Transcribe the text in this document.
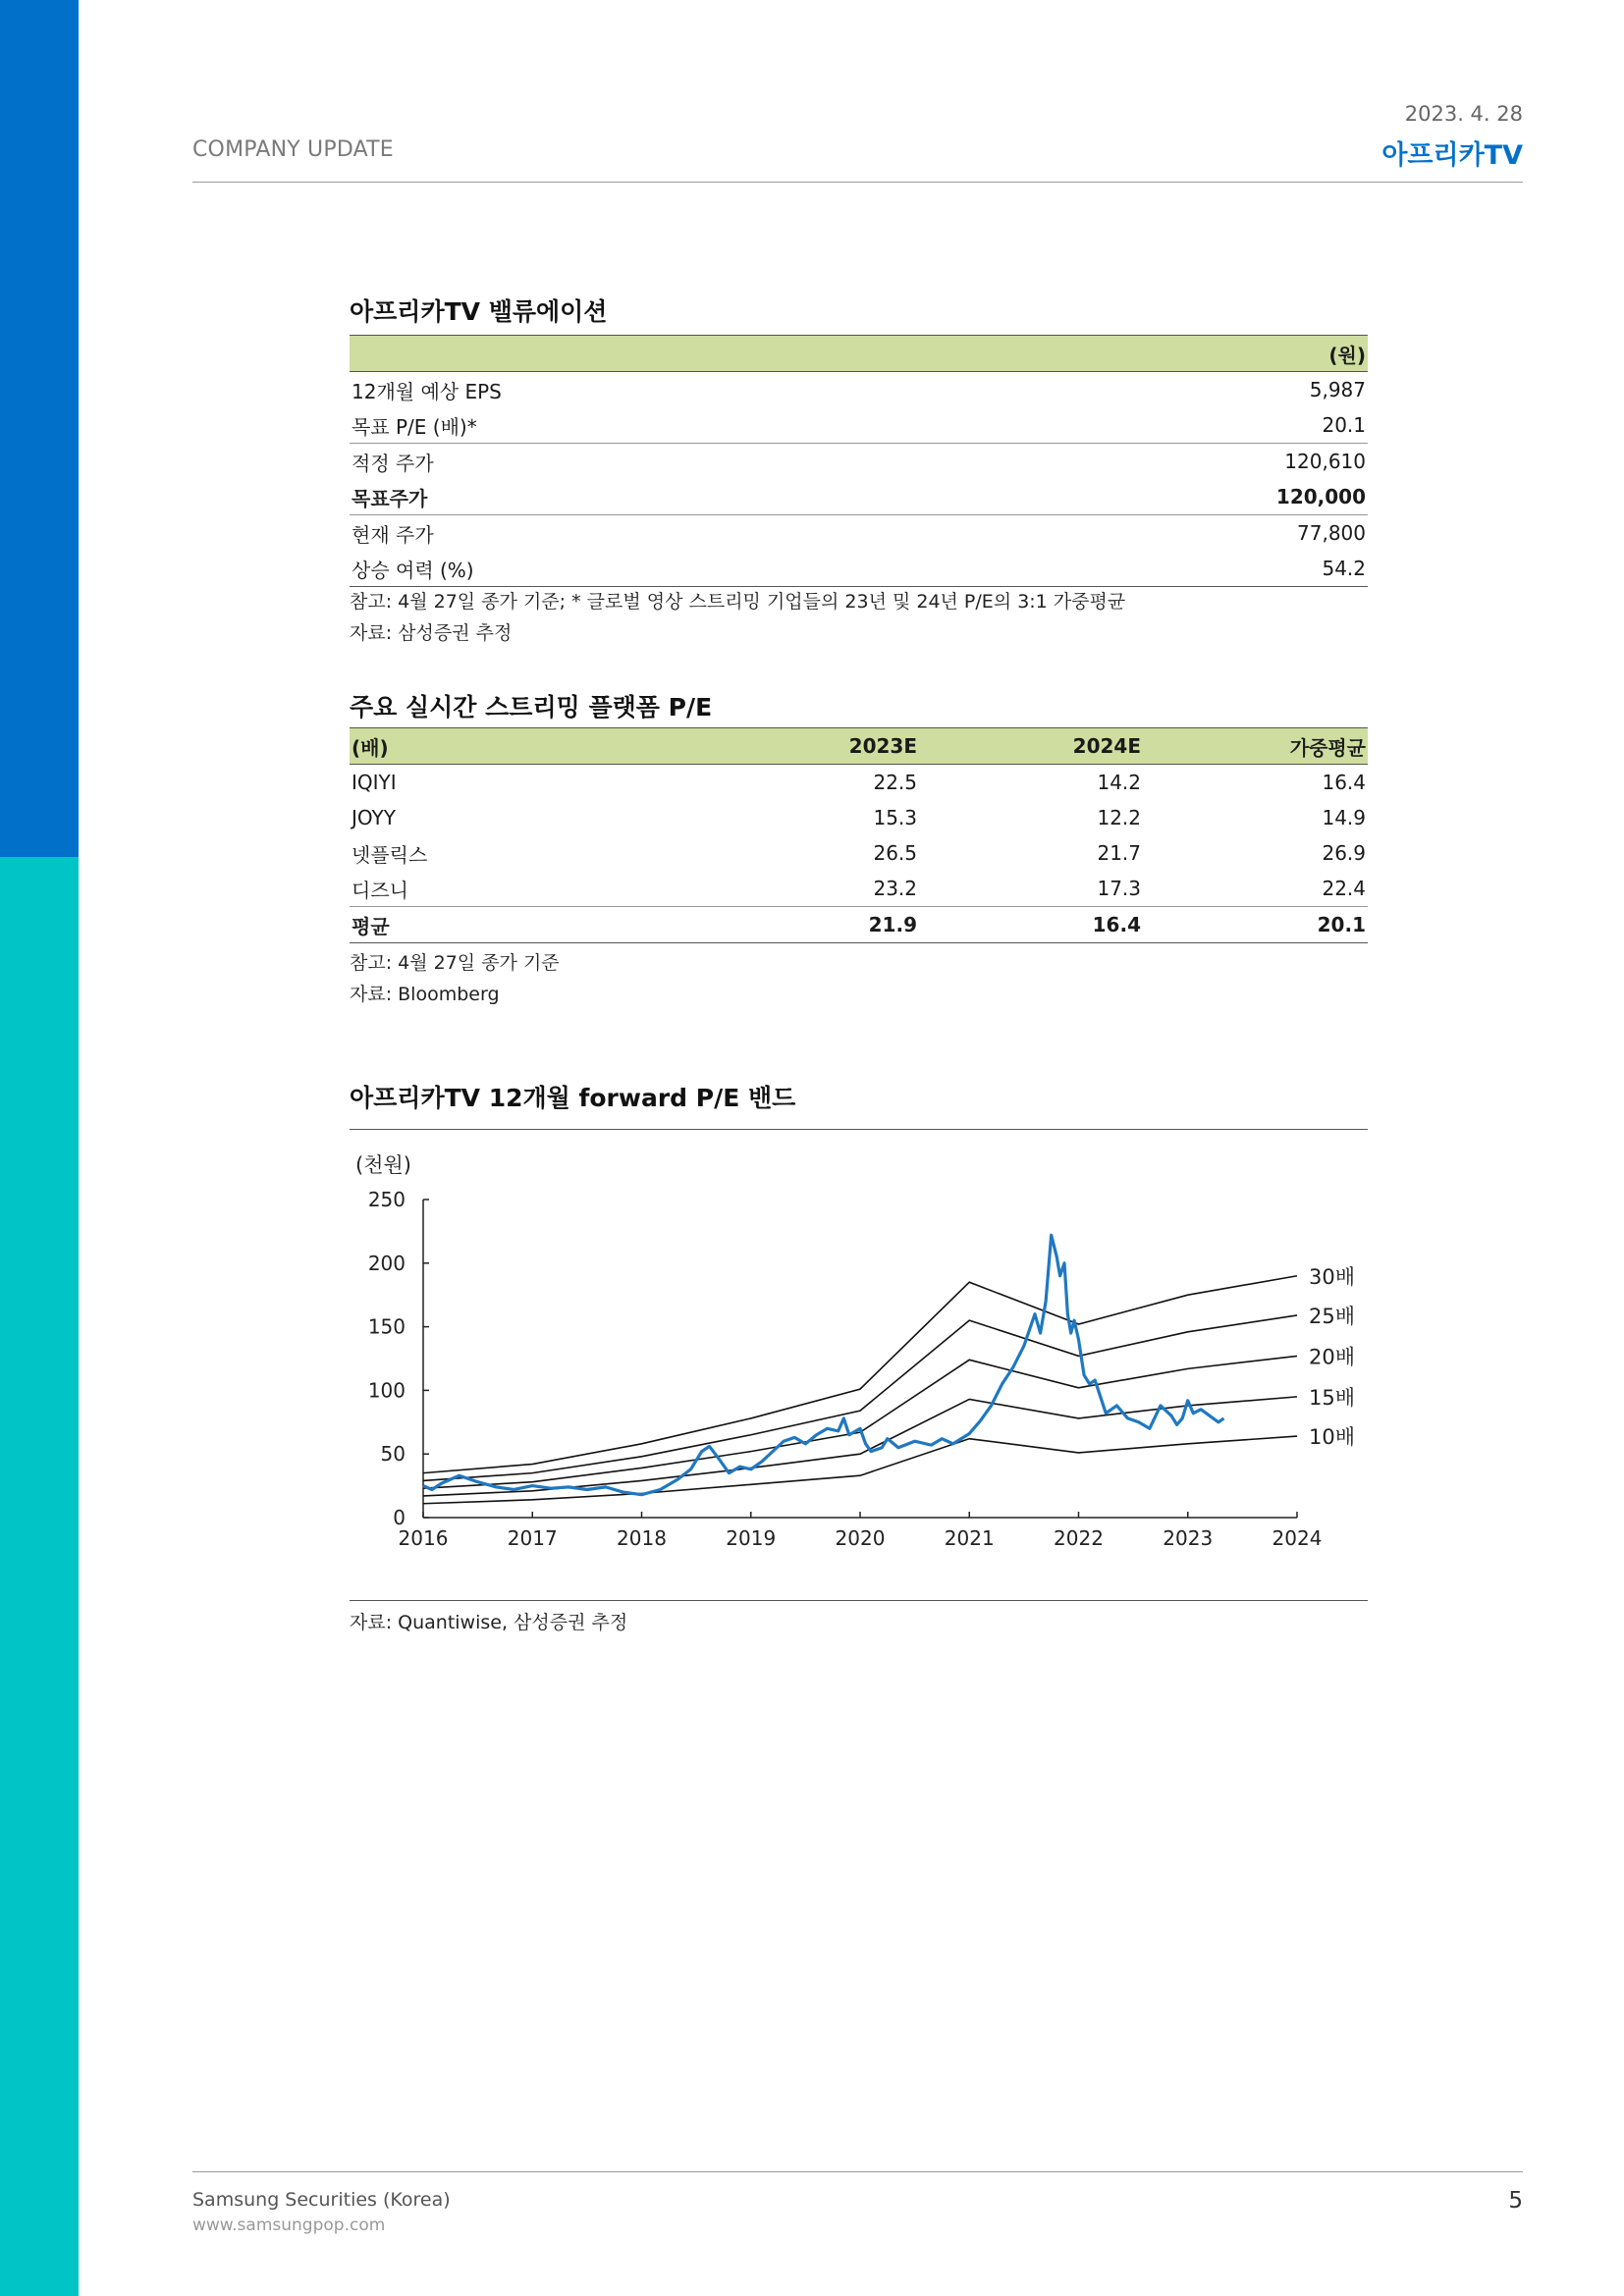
COMPANY UPDATE
2023. 4. 28
아프리카TV
아프리카TV 밸류에이션
	(원)
12개월 예상 EPS	5,987
목표 P/E (배)*	20.1
적정 주가	120,610
목표주가	120,000
현재 주가	77,800
상승 여력 (%)	54.2
참고: 4월 27일 종가 기준; * 글로벌 영상 스트리밍 기업들의 23년 및 24년 P/E의 3:1 가중평균
자료: 삼성증권 추정
주요 실시간 스트리밍 플랫폼 P/E
(배)	2023E	2024E	가중평균
IQIYI	22.5	14.2	16.4
JOYY	15.3	12.2	14.9
넷플릭스	26.5	21.7	26.9
디즈니	23.2	17.3	22.4
평균	21.9	16.4	20.1
참고: 4월 27일 종가 기준
자료: Bloomberg
아프리카TV 12개월 forward P/E 밴드
(천원)
0
50
100
150
200
250
2016	2017	2018	2019	2020	2021	2022	2023	2024
30배
25배
20배
15배
10배
자료: Quantiwise, 삼성증권 추정
Samsung Securities (Korea)
www.samsungpop.com
5
